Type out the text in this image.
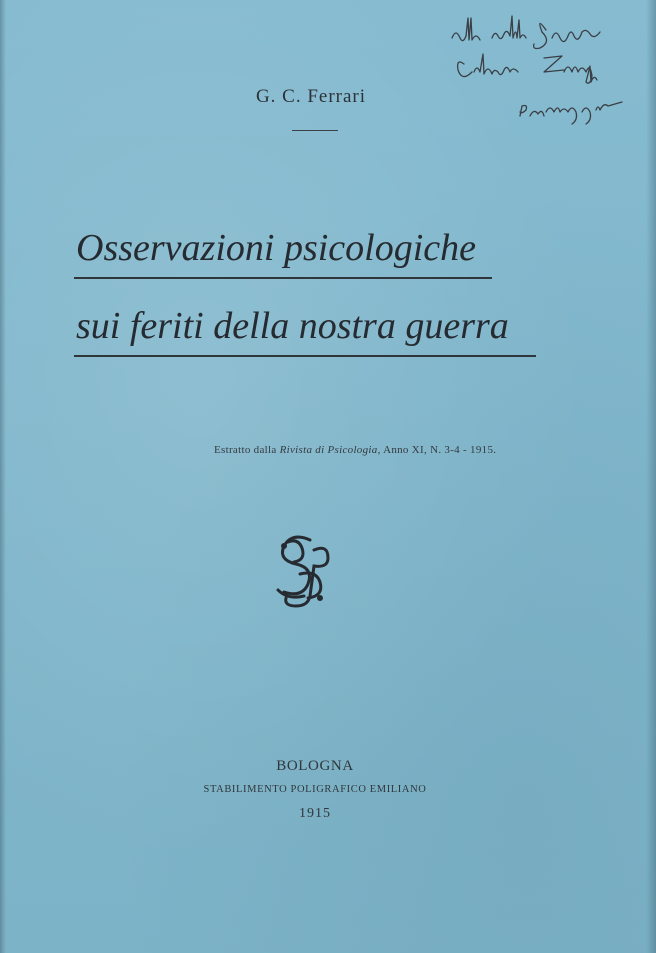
G. C. Ferrari
Osservazioni psicologiche
sui feriti della nostra guerra
Estratto dalla Rivista di Psicologia, Anno XI, N. 3-4 - 1915.
BOLOGNA
STABILIMENTO POLIGRAFICO EMILIANO
1915
